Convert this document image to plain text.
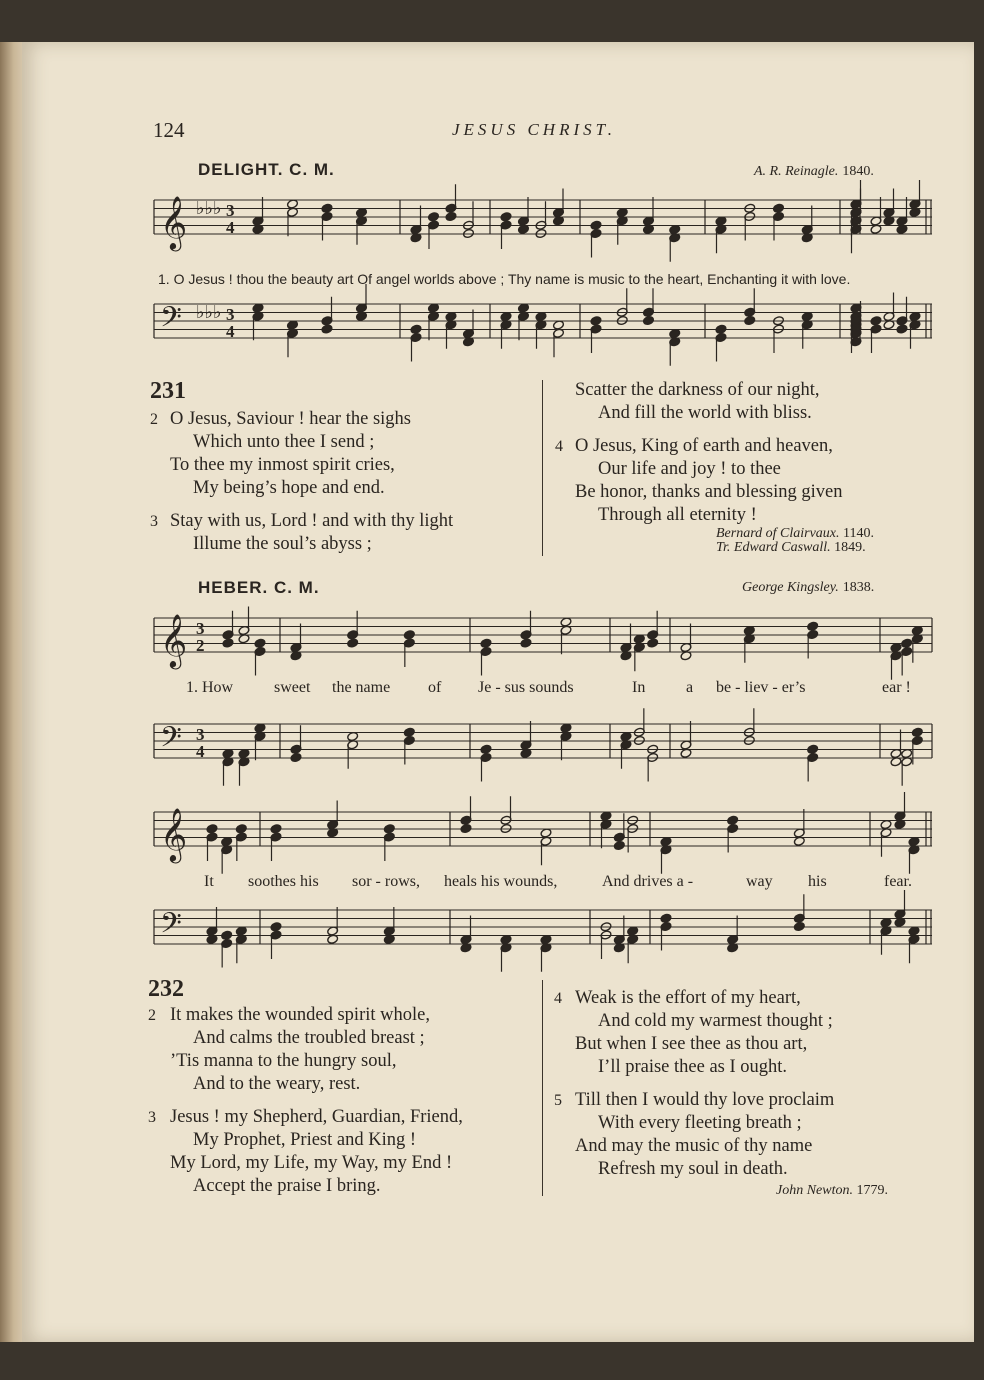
124	JESUS CHRIST.
DELIGHT. C. M.	A. R. Reinagle. 1840.
𝄞 ♭♭♭ 3
4
1. O Jesus ! thou the beauty art Of angel worlds above ; Thy name is music to the heart, Enchanting it with love.
𝄢 ♭♭♭ 3
4
231
2 O Jesus, Saviour ! hear the sighs
Which unto thee I send ;
To thee my inmost spirit cries,
My being’s hope and end.
3 Stay with us, Lord ! and with thy light
Illume the soul’s abyss ;
Scatter the darkness of our night,
And fill the world with bliss.
4 O Jesus, King of earth and heaven,
Our life and joy ! to thee
Be honor, thanks and blessing given
Through all eternity !
Bernard of Clairvaux. 1140.
Tr. Edward Caswall. 1849.
HEBER. C. M.	George Kingsley. 1838.
𝄞 3
2
1. How	sweet the name of Je - sus sounds	In	a be - liev - er’s	ear !
𝄢 3
4
𝄞
It soothes his sor - rows, heals his wounds,	And drives a -	way his	fear.
𝄢
232
2 It makes the wounded spirit whole,
And calms the troubled breast ;
’Tis manna to the hungry soul,
And to the weary, rest.
3 Jesus ! my Shepherd, Guardian, Friend,
My Prophet, Priest and King !
My Lord, my Life, my Way, my End !
Accept the praise I bring.
4 Weak is the effort of my heart,
And cold my warmest thought ;
But when I see thee as thou art,
I’ll praise thee as I ought.
5 Till then I would thy love proclaim
With every fleeting breath ;
And may the music of thy name
Refresh my soul in death.
John Newton. 1779.
